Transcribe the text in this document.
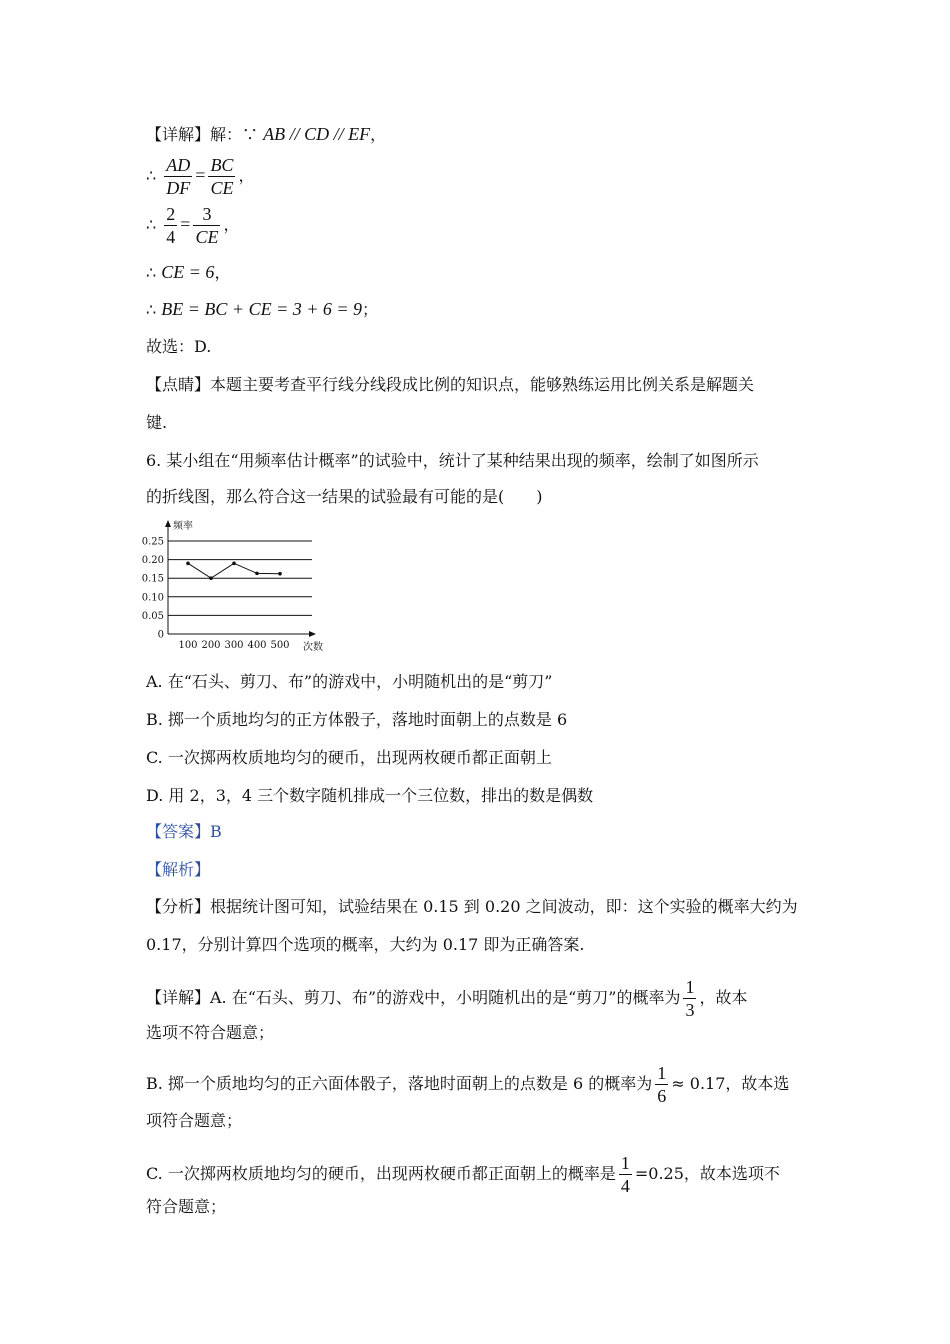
【详解】解：∵ AB // CD // EF，
∴ $\frac{AD}{DF} = \frac{BC}{CE}$ ，
∴ $\frac{2}{4} = \frac{3}{CE}$ ，
∴ CE = 6，
∴ BE = BC + CE = 3 + 6 = 9；
故选：D.
【点睛】本题主要考查平行线分线段成比例的知识点，能够熟练运用比例关系是解题关
键.
6. 某小组在“用频率估计概率”的试验中，统计了某种结果出现的频率，绘制了如图所示
的折线图，那么符合这一结果的试验最有可能的是(　　)
频率
次数
0
0.05
0.10
0.15
0.20
0.25
100 200 300 400 500
A. 在“石头、剪刀、布”的游戏中，小明随机出的是“剪刀”
B. 掷一个质地均匀的正方体骰子，落地时面朝上的点数是 6
C. 一次掷两枚质地均匀的硬币，出现两枚硬币都正面朝上
D. 用 2，3，4 三个数字随机排成一个三位数，排出的数是偶数
【答案】B
【解析】
【分析】根据统计图可知，试验结果在 0.15 到 0.20 之间波动，即：这个实验的概率大约为
0.17，分别计算四个选项的概率，大约为 0.17 即为正确答案.
【详解】A. 在“石头、剪刀、布”的游戏中，小明随机出的是“剪刀”的概率为 $\frac{1}{3}$ ，故本
选项不符合题意；
B. 掷一个质地均匀的正六面体骰子，落地时面朝上的点数是 6 的概率为 $\frac{1}{6} \approx 0.17$，故本选
项符合题意；
C. 一次掷两枚质地均匀的硬币，出现两枚硬币都正面朝上的概率是 $\frac{1}{4} =0.25$，故本选项不
符合题意；
